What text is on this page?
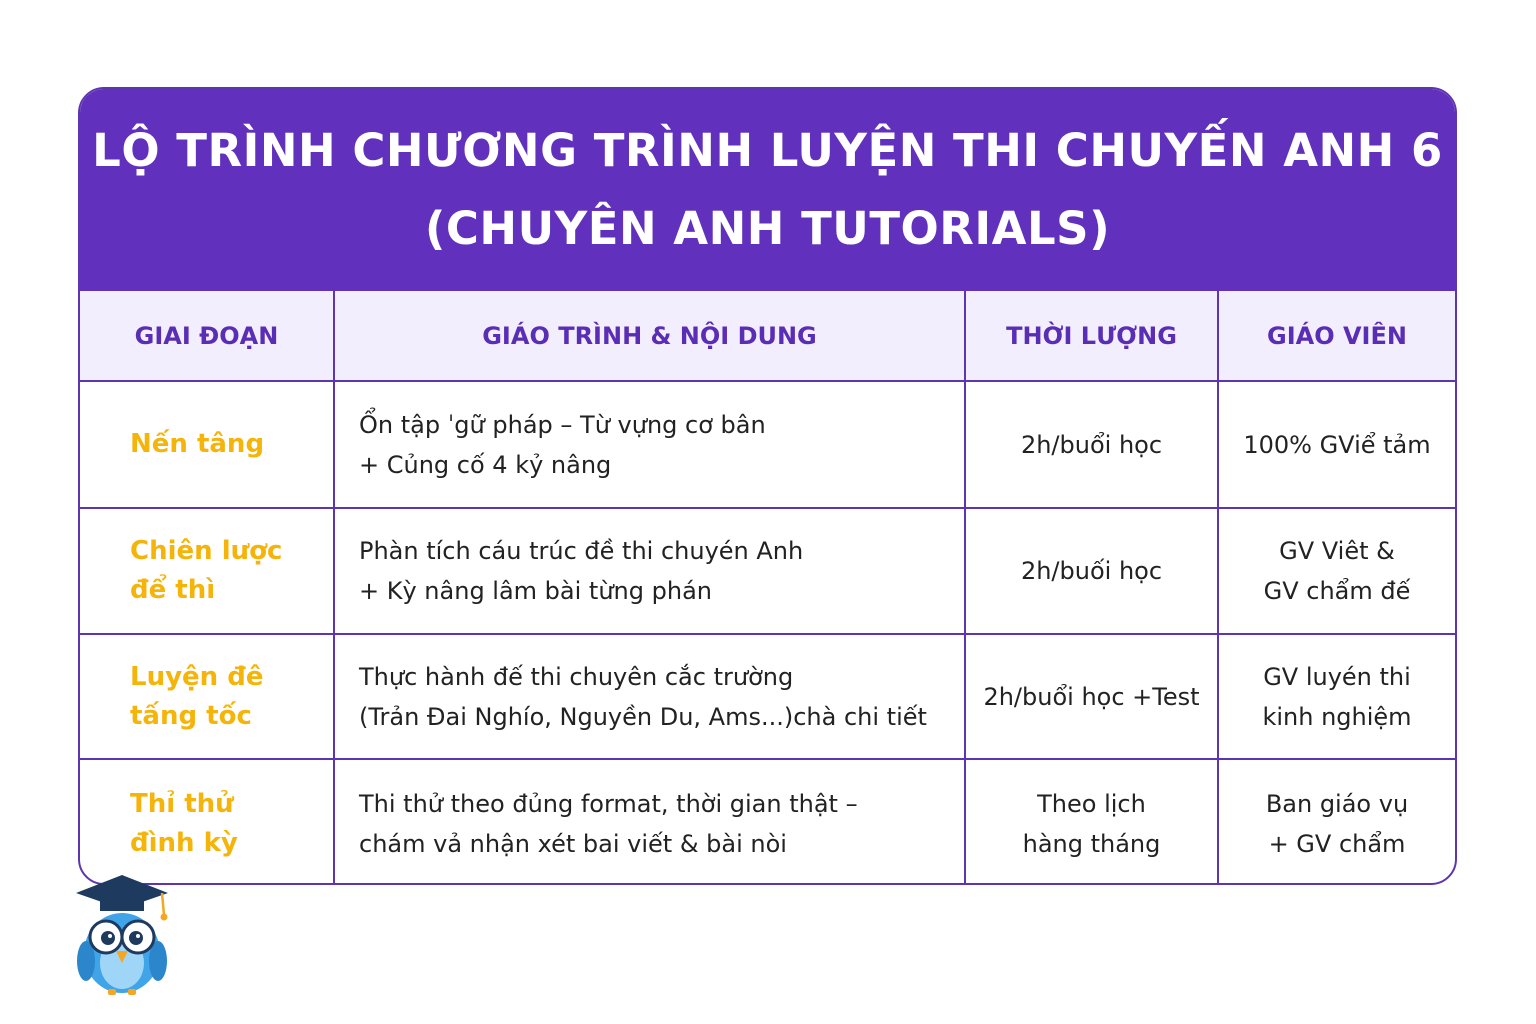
LỘ TRÌNH CHƯƠNG TRÌNH LUYỆN THI CHUYẾN ANH 6
(CHUYÊN ANH TUTORIALS)
GIAI ĐOẠN	GIÁO TRÌNH & NỘI DUNG	THỜI LƯỢNG	GIÁO VIÊN

Nến tâng	Ổn tập ˈgữ pháp – Từ vựng cơ bân
+ Củng cố 4 kỷ nâng	2h/buổi học	100% GViể tảm

Chiên lược
để thì	Phàn tích cáu trúc đề thi chuyén Anh
+ Kỳ nâng lâm bài từng phán	2h/buối học	GV Viêt &
GV chẩm đế

Luyện đê
tấng tốc	Thực hành đế thi chuyên cắc trường
(Trản Đai Nghío, Nguyền Du, Ams...)chà chi tiết	2h/buổi học +Test	GV luyén thi
kinh nghiệm

Thỉ thử
đình kỳ	Thi thử theo đủng format, thời gian thật –
chám vả nhận xét bai viết & bài nòi	Theo lịch
hàng tháng	Ban giáo vụ
+ GV chẩm
